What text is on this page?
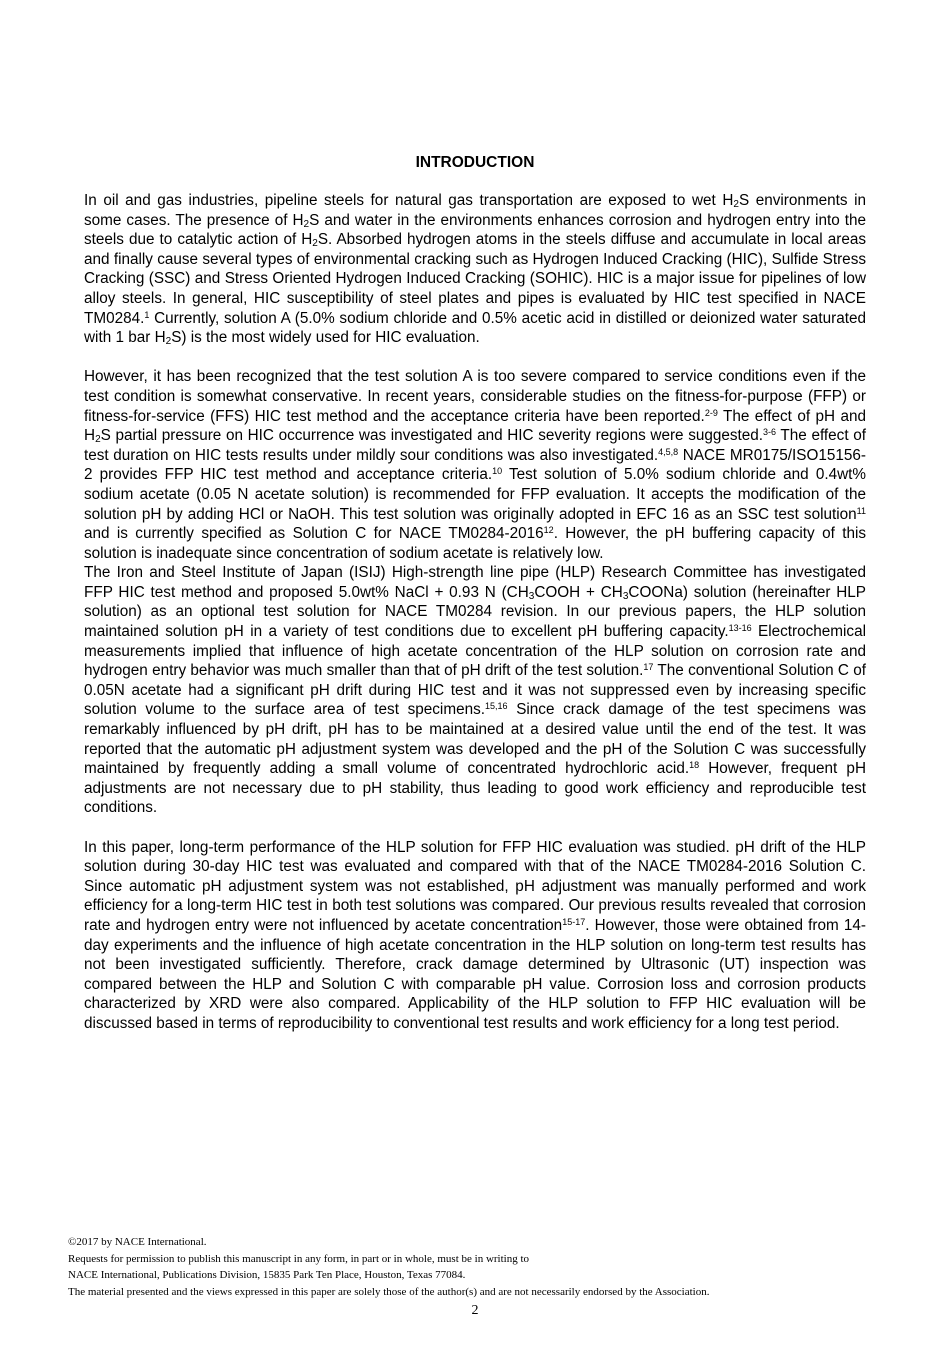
INTRODUCTION

In oil and gas industries, pipeline steels for natural gas transportation are exposed to wet $H_2S$ environments in some cases. The presence of $H_2S$ and water in the environments enhances corrosion and hydrogen entry into the steels due to catalytic action of $H_2S$. Absorbed hydrogen atoms in the steels diffuse and accumulate in local areas and finally cause several types of environmental cracking such as Hydrogen Induced Cracking (HIC), Sulfide Stress Cracking (SSC) and Stress Oriented Hydrogen Induced Cracking (SOHIC). HIC is a major issue for pipelines of low alloy steels. In general, HIC susceptibility of steel plates and pipes is evaluated by HIC test specified in NACE TM0284.$^1$ Currently, solution A (5.0% sodium chloride and 0.5% acetic acid in distilled or deionized water saturated with 1 bar $H_2S$) is the most widely used for HIC evaluation.

However, it has been recognized that the test solution A is too severe compared to service conditions even if the test condition is somewhat conservative. In recent years, considerable studies on the fitness-for-purpose (FFP) or fitness-for-service (FFS) HIC test method and the acceptance criteria have been reported.$^{2-9}$ The effect of pH and $H_2S$ partial pressure on HIC occurrence was investigated and HIC severity regions were suggested.$^{3-6}$ The effect of test duration on HIC tests results under mildly sour conditions was also investigated.$^{4,5,8}$ NACE MR0175/ISO15156-2 provides FFP HIC test method and acceptance criteria.$^{10}$ Test solution of 5.0% sodium chloride and 0.4wt% sodium acetate (0.05 N acetate solution) is recommended for FFP evaluation. It accepts the modification of the solution pH by adding HCl or NaOH. This test solution was originally adopted in EFC 16 as an SSC test solution$^{11}$ and is currently specified as Solution C for NACE TM0284-2016$^{12}$. However, the pH buffering capacity of this solution is inadequate since concentration of sodium acetate is relatively low.

The Iron and Steel Institute of Japan (ISIJ) High-strength line pipe (HLP) Research Committee has investigated FFP HIC test method and proposed 5.0wt% NaCl + 0.93 N ($CH_3COOH$ + $CH_3COONa$) solution (hereinafter HLP solution) as an optional test solution for NACE TM0284 revision. In our previous papers, the HLP solution maintained solution pH in a variety of test conditions due to excellent pH buffering capacity.$^{13-16}$ Electrochemical measurements implied that influence of high acetate concentration of the HLP solution on corrosion rate and hydrogen entry behavior was much smaller than that of pH drift of the test solution.$^{17}$ The conventional Solution C of 0.05N acetate had a significant pH drift during HIC test and it was not suppressed even by increasing specific solution volume to the surface area of test specimens.$^{15,16}$ Since crack damage of the test specimens was remarkably influenced by pH drift, pH has to be maintained at a desired value until the end of the test. It was reported that the automatic pH adjustment system was developed and the pH of the Solution C was successfully maintained by frequently adding a small volume of concentrated hydrochloric acid.$^{18}$ However, frequent pH adjustments are not necessary due to pH stability, thus leading to good work efficiency and reproducible test conditions.

In this paper, long-term performance of the HLP solution for FFP HIC evaluation was studied. pH drift of the HLP solution during 30-day HIC test was evaluated and compared with that of the NACE TM0284-2016 Solution C. Since automatic pH adjustment system was not established, pH adjustment was manually performed and work efficiency for a long-term HIC test in both test solutions was compared. Our previous results revealed that corrosion rate and hydrogen entry were not influenced by acetate concentration$^{15-17}$. However, those were obtained from 14-day experiments and the influence of high acetate concentration in the HLP solution on long-term test results has not been investigated sufficiently. Therefore, crack damage determined by Ultrasonic (UT) inspection was compared between the HLP and Solution C with comparable pH value. Corrosion loss and corrosion products characterized by XRD were also compared. Applicability of the HLP solution to FFP HIC evaluation will be discussed based in terms of reproducibility to conventional test results and work efficiency for a long test period.

©2017 by NACE International.
Requests for permission to publish this manuscript in any form, in part or in whole, must be in writing to
NACE International, Publications Division, 15835 Park Ten Place, Houston, Texas 77084.
The material presented and the views expressed in this paper are solely those of the author(s) and are not necessarily endorsed by the Association.
2
